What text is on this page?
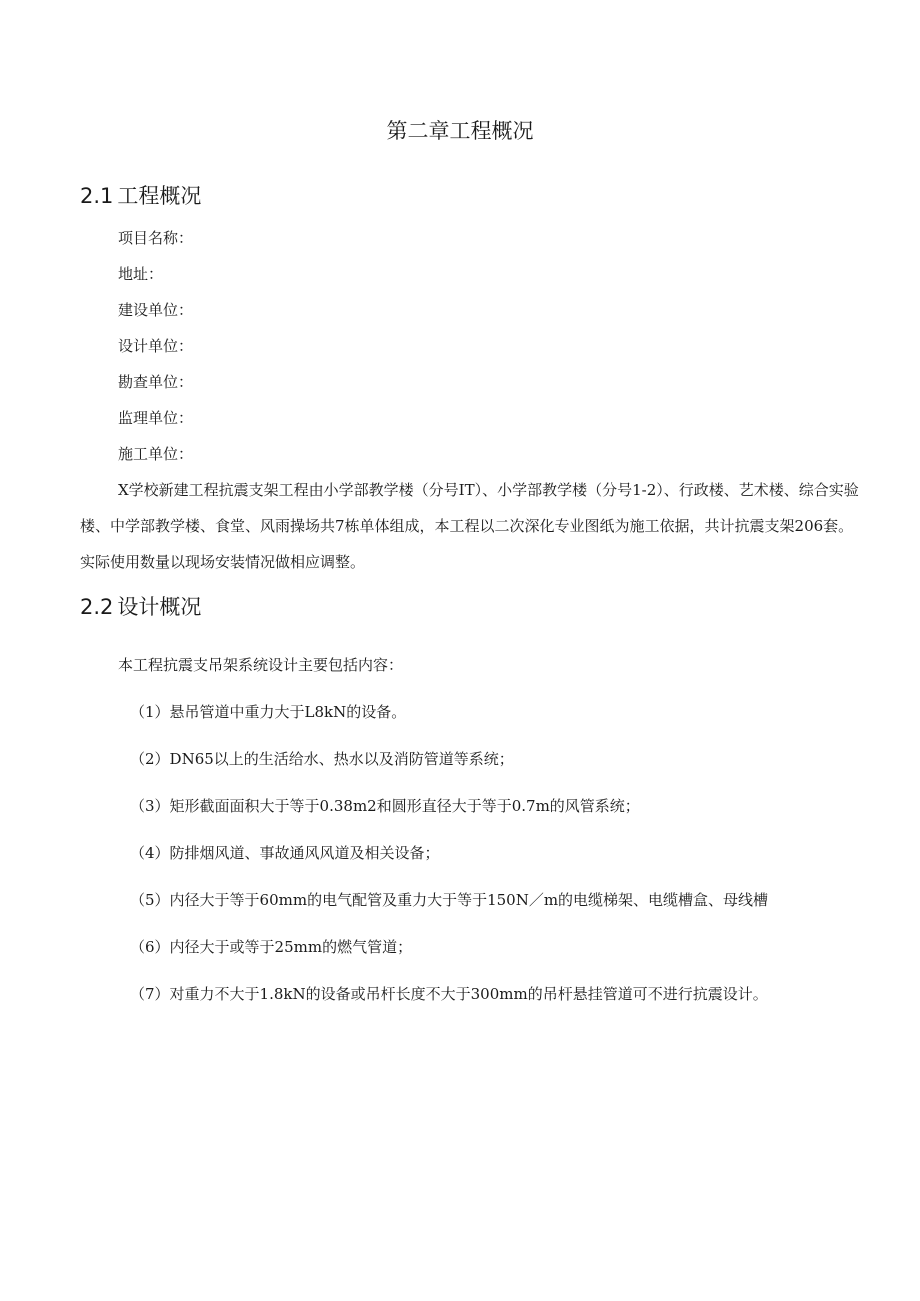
第二章工程概况
2.1 工程概况

项目名称：

地址：

建设单位：

设计单位：

勘查单位：

监理单位：

施工单位：

X学校新建工程抗震支架工程由小学部教学楼（分号IT）、小学部教学楼（分号1-2）、行政楼、艺术楼、综合实验楼、中学部教学楼、食堂、风雨操场共7栋单体组成，本工程以二次深化专业图纸为施工依据，共计抗震支架206套。实际使用数量以现场安装情况做相应调整。

2.2 设计概况

本工程抗震支吊架系统设计主要包括内容：

（1）悬吊管道中重力大于L8kN的设备。

（2）DN65以上的生活给水、热水以及消防管道等系统；

（3）矩形截面面积大于等于0.38m2和圆形直径大于等于0.7m的风管系统；

（4）防排烟风道、事故通风风道及相关设备；

（5）内径大于等于60mm的电气配管及重力大于等于150N／m的电缆梯架、电缆槽盒、母线槽

（6）内径大于或等于25mm的燃气管道；

（7）对重力不大于1.8kN的设备或吊杆长度不大于300mm的吊杆悬挂管道可不进行抗震设计。
